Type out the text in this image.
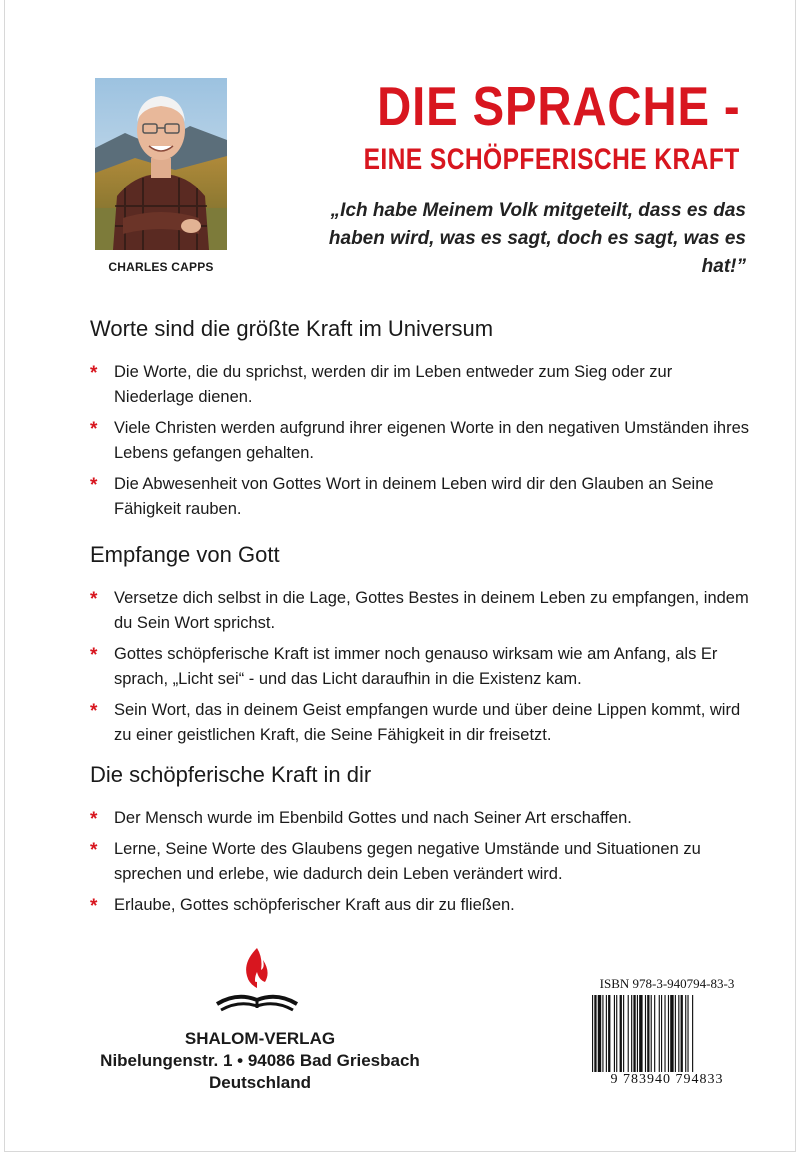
CHARLES CAPPS
DIE SPRACHE -
EINE SCHÖPFERISCHE KRAFT
„Ich habe Meinem Volk mitgeteilt, dass es das haben wird, was es sagt, doch es sagt, was es hat!”
Worte sind die größte Kraft im Universum
* Die Worte, die du sprichst, werden dir im Leben entweder zum Sieg oder zur Niederlage dienen.
* Viele Christen werden aufgrund ihrer eigenen Worte in den negativen Umständen ihres Lebens gefangen gehalten.
* Die Abwesenheit von Gottes Wort in deinem Leben wird dir den Glauben an Seine Fähigkeit rauben.
Empfange von Gott
* Versetze dich selbst in die Lage, Gottes Bestes in deinem Leben zu empfangen, indem du Sein Wort sprichst.
* Gottes schöpferische Kraft ist immer noch genauso wirksam wie am Anfang, als Er sprach, „Licht sei“ - und das Licht daraufhin in die Existenz kam.
* Sein Wort, das in deinem Geist empfangen wurde und über deine Lippen kommt, wird zu einer geistlichen Kraft, die Seine Fähigkeit in dir freisetzt.
Die schöpferische Kraft in dir
* Der Mensch wurde im Ebenbild Gottes und nach Seiner Art erschaffen.
* Lerne, Seine Worte des Glaubens gegen negative Umstände und Situationen zu sprechen und erlebe, wie dadurch dein Leben verändert wird.
* Erlaube, Gottes schöpferischer Kraft aus dir zu fließen.
SHALOM-VERLAG
Nibelungenstr. 1 • 94086 Bad Griesbach
Deutschland
ISBN 978-3-940794-83-3
9 783940 794833
